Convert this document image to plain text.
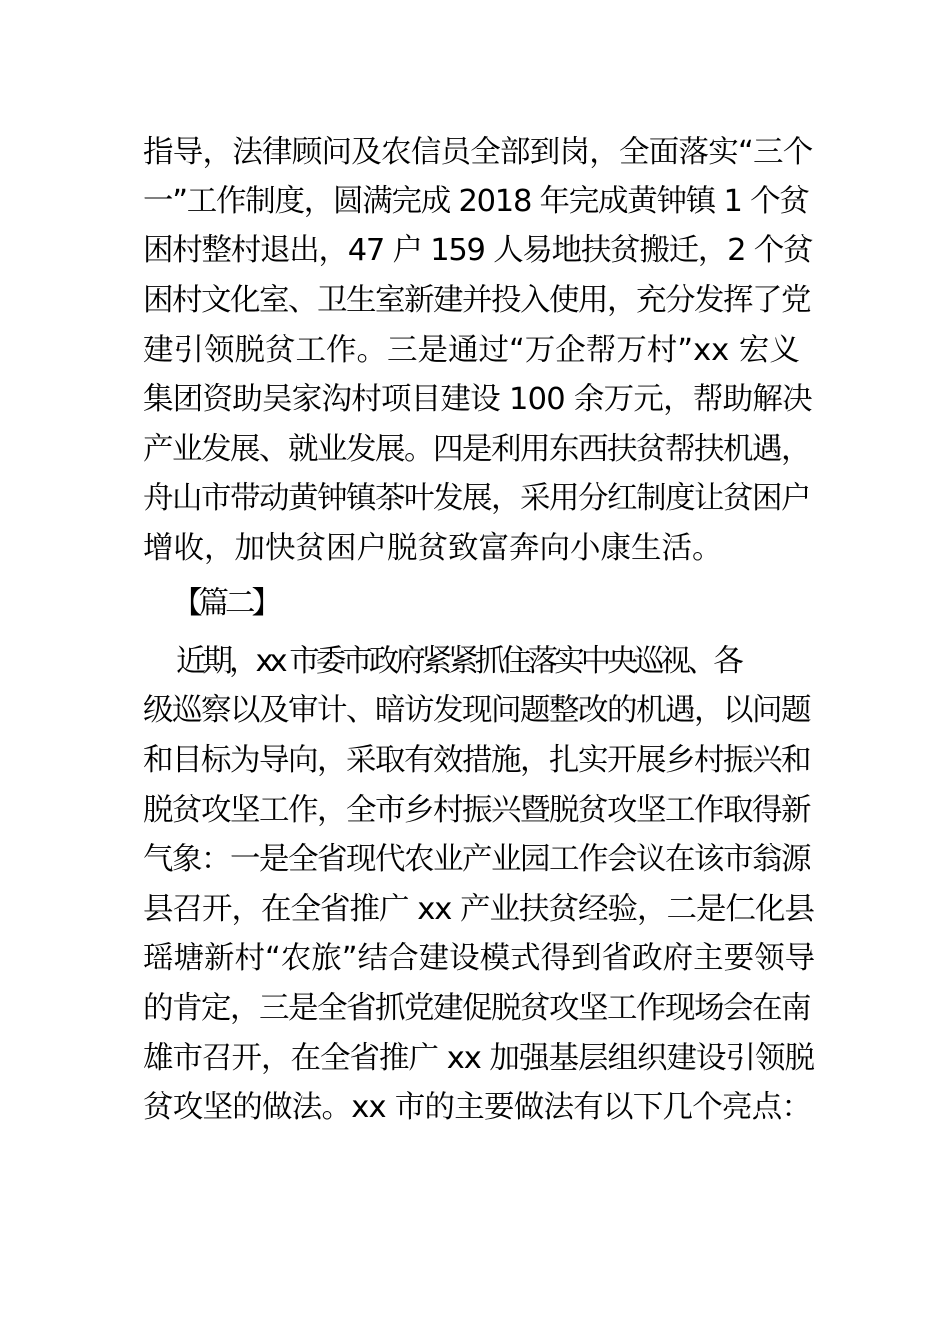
指导，法律顾问及农信员全部到岗，全面落实“三个
一”工作制度，圆满完成 2018 年完成黄钟镇 1 个贫
困村整村退出，47 户 159 人易地扶贫搬迁，2 个贫
困村文化室、卫生室新建并投入使用，充分发挥了党
建引领脱贫工作。三是通过“万企帮万村”xx 宏义
集团资助吴家沟村项目建设 100 余万元，帮助解决
产业发展、就业发展。四是利用东西扶贫帮扶机遇，
舟山市带动黄钟镇茶叶发展，采用分红制度让贫困户
增收，加快贫困户脱贫致富奔向小康生活。
【篇二】
近期，xx 市委市政府紧紧抓住落实中央巡视、各
级巡察以及审计、暗访发现问题整改的机遇，以问题
和目标为导向，采取有效措施，扎实开展乡村振兴和
脱贫攻坚工作，全市乡村振兴暨脱贫攻坚工作取得新
气象：一是全省现代农业产业园工作会议在该市翁源
县召开，在全省推广 xx 产业扶贫经验，二是仁化县
瑶塘新村“农旅”结合建设模式得到省政府主要领导
的肯定，三是全省抓党建促脱贫攻坚工作现场会在南
雄市召开，在全省推广 xx 加强基层组织建设引领脱
贫攻坚的做法。xx 市的主要做法有以下几个亮点：
